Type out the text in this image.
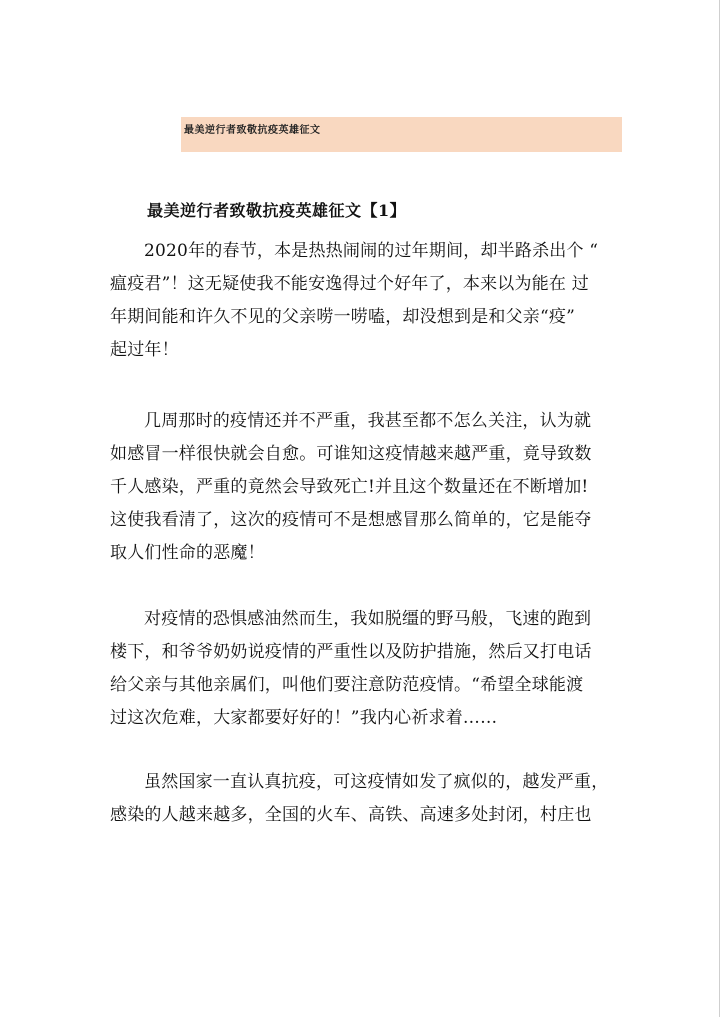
最美逆行者致敬抗疫英雄征文
最美逆行者致敬抗疫英雄征文【1】
2020年的春节，本是热热闹闹的过年期间，却半路杀出个 “
瘟疫君”！这无疑使我不能安逸得过个好年了，本来以为能在 过
年期间能和许久不见的父亲唠一唠嗑，却没想到是和父亲“疫”
起过年！
几周那时的疫情还并不严重，我甚至都不怎么关注，认为就
如感冒一样很快就会自愈。可谁知这疫情越来越严重，竟导致数
千人感染，严重的竟然会导致死亡!并且这个数量还在不断增加!
这使我看清了，这次的疫情可不是想感冒那么简单的，它是能夺
取人们性命的恶魔！
对疫情的恐惧感油然而生，我如脱缰的野马般，飞速的跑到
楼下，和爷爷奶奶说疫情的严重性以及防护措施，然后又打电话
给父亲与其他亲属们，叫他们要注意防范疫情。“希望全球能渡
过这次危难，大家都要好好的！”我内心祈求着……
虽然国家一直认真抗疫，可这疫情如发了疯似的，越发严重，
感染的人越来越多，全国的火车、高铁、高速多处封闭，村庄也
